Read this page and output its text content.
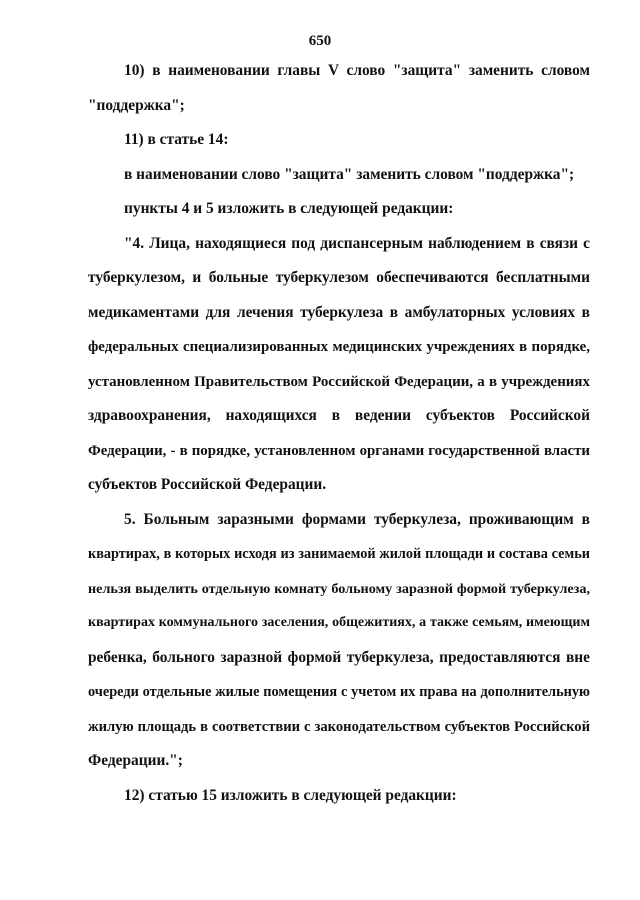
650
10) в наименовании главы V слово "защита" заменить словом
"поддержка";
11) в статье 14:
в наименовании слово "защита" заменить словом "поддержка";
пункты 4 и 5 изложить в следующей редакции:
"4. Лица, находящиеся под диспансерным наблюдением в связи с
туберкулезом, и больные туберкулезом обеспечиваются бесплатными
медикаментами для лечения туберкулеза в амбулаторных условиях в
федеральных специализированных медицинских учреждениях в порядке,
установленном Правительством Российской Федерации, а в учреждениях
здравоохранения, находящихся в ведении субъектов Российской
Федерации, - в порядке, установленном органами государственной власти
субъектов Российской Федерации.
5. Больным заразными формами туберкулеза, проживающим в
квартирах, в которых исходя из занимаемой жилой площади и состава семьи
нельзя выделить отдельную комнату больному заразной формой туберкулеза,
квартирах коммунального заселения, общежитиях, а также семьям, имеющим
ребенка, больного заразной формой туберкулеза, предоставляются вне
очереди отдельные жилые помещения с учетом их права на дополнительную
жилую площадь в соответствии с законодательством субъектов Российской
Федерации.";
12) статью 15 изложить в следующей редакции:
